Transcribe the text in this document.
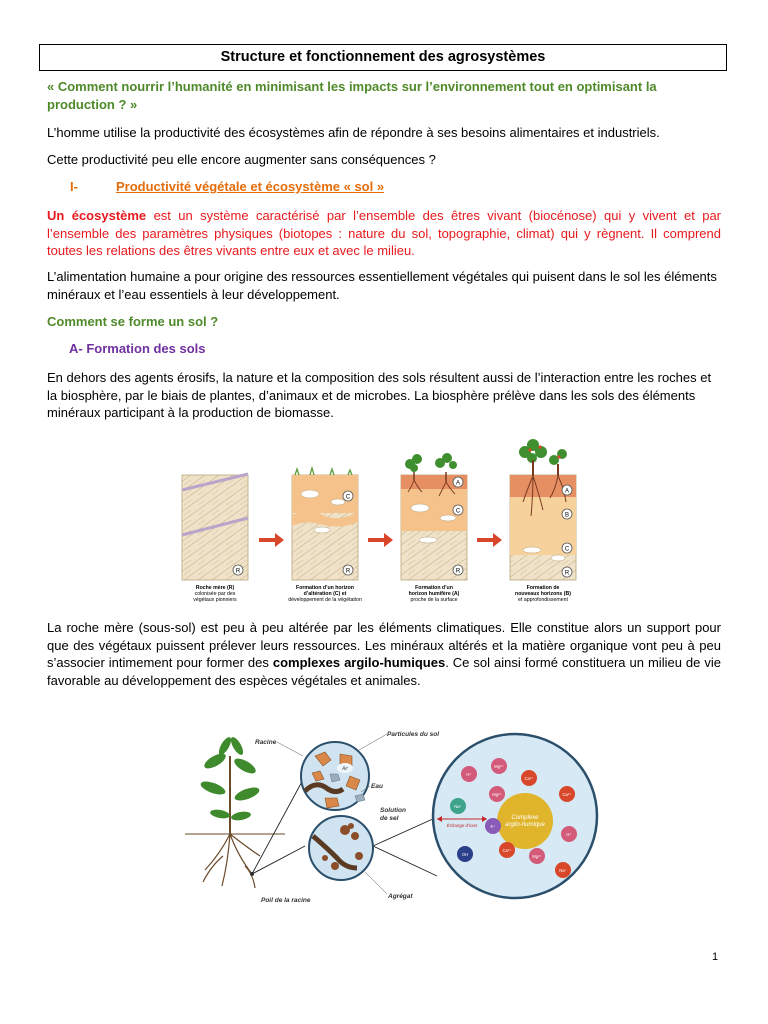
Structure et fonctionnement des agrosystèmes
« Comment nourrir l’humanité en minimisant les impacts sur l’environnement tout en optimisant la production ? »
L’homme utilise la productivité des écosystèmes afin de répondre à ses besoins alimentaires et industriels.
Cette productivité peu elle encore augmenter sans conséquences ?
I-	Productivité végétale et écosystème « sol »
Un écosystème est un système caractérisé par l’ensemble des êtres vivant (biocénose) qui y vivent et par l’ensemble des paramètres physiques (biotopes : nature du sol, topographie, climat) qui y règnent. Il comprend toutes les relations des êtres vivants entre eux et avec le milieu.
L’alimentation humaine a pour origine des ressources essentiellement végétales qui puisent dans le sol les éléments minéraux et l’eau essentiels à leur développement.
Comment se forme un sol ?
A- Formation des sols
En dehors des agents érosifs, la nature et la composition des sols résultent aussi de l’interaction entre les roches et la biosphère, par le biais de plantes, d’animaux et de microbes. La biosphère prélève dans les sols des éléments minéraux participant à la production de biomasse.
R
C
R
A
C
R
A
B
C
R
Roche mère (R)
colonisée par des
végétaux pionniers
Formation d’un horizon
d’altération (C) et
développement de la végétation
Formation d’un
horizon humifère (A)
proche de la surface
Formation de
nouveaux horizons (B)
et approfondissement
La roche mère (sous-sol) est peu à peu altérée par les éléments climatiques. Elle constitue alors un support pour que des végétaux puissent prélever leurs ressources. Les minéraux altérés et la matière organique vont peu à peu s’associer intimement pour former des complexes argilo-humiques. Ce sol ainsi formé constituera un milieu de vie favorable au développement des espèces végétales et animales.
Air
Complexe
argilo-humique
Échange d’ions
H⁺
Mg²⁺
Ca²⁺
Na⁺
Mg²⁺	Ca²⁺
K⁺
OH
Ca²⁺
Mg²⁺
H⁺
Na⁺
Racine
Particules du sol
Eau
Solution
de sel
Agrégat
Poil de la racine
1
